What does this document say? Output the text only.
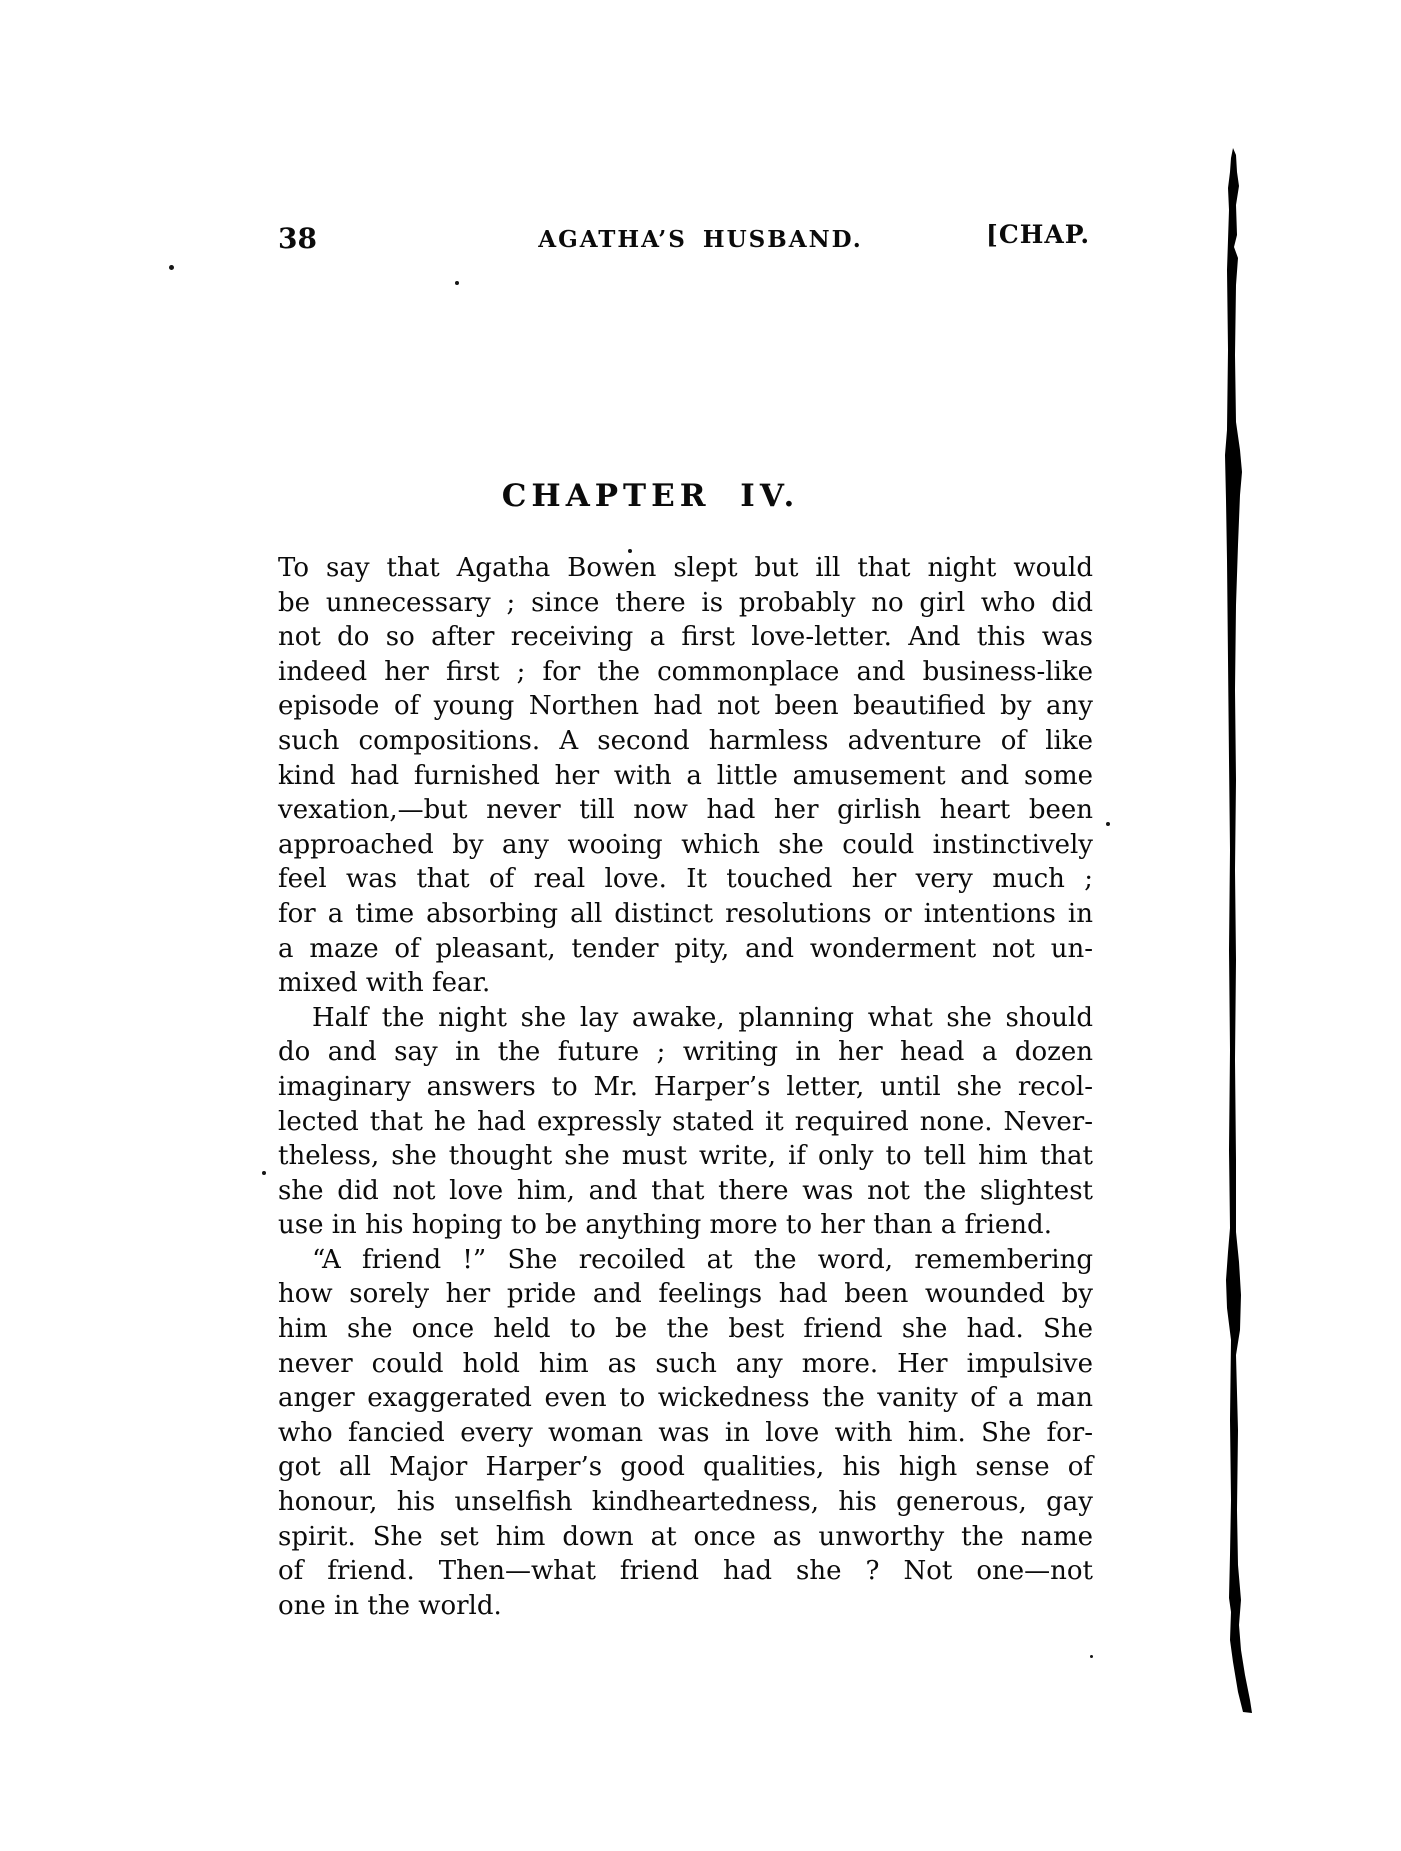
38	AGATHA’S HUSBAND.	[CHAP.
CHAPTER IV.
To say that Agatha Bowen slept but ill that night would
be unnecessary ; since there is probably no girl who did
not do so after receiving a first love-letter. And this was
indeed her first ; for the commonplace and business-like
episode of young Northen had not been beautified by any
such compositions. A second harmless adventure of like
kind had furnished her with a little amusement and some
vexation,—but never till now had her girlish heart been
approached by any wooing which she could instinctively
feel was that of real love. It touched her very much ;
for a time absorbing all distinct resolutions or intentions in
a maze of pleasant, tender pity, and wonderment not un-
mixed with fear.
Half the night she lay awake, planning what she should
do and say in the future ; writing in her head a dozen
imaginary answers to Mr. Harper’s letter, until she recol-
lected that he had expressly stated it required none. Never-
theless, she thought she must write, if only to tell him that
she did not love him, and that there was not the slightest
use in his hoping to be anything more to her than a friend.
“A friend !” She recoiled at the word, remembering
how sorely her pride and feelings had been wounded by
him she once held to be the best friend she had. She
never could hold him as such any more. Her impulsive
anger exaggerated even to wickedness the vanity of a man
who fancied every woman was in love with him. She for-
got all Major Harper’s good qualities, his high sense of
honour, his unselfish kindheartedness, his generous, gay
spirit. She set him down at once as unworthy the name
of friend. Then—what friend had she ? Not one—not
one in the world.
